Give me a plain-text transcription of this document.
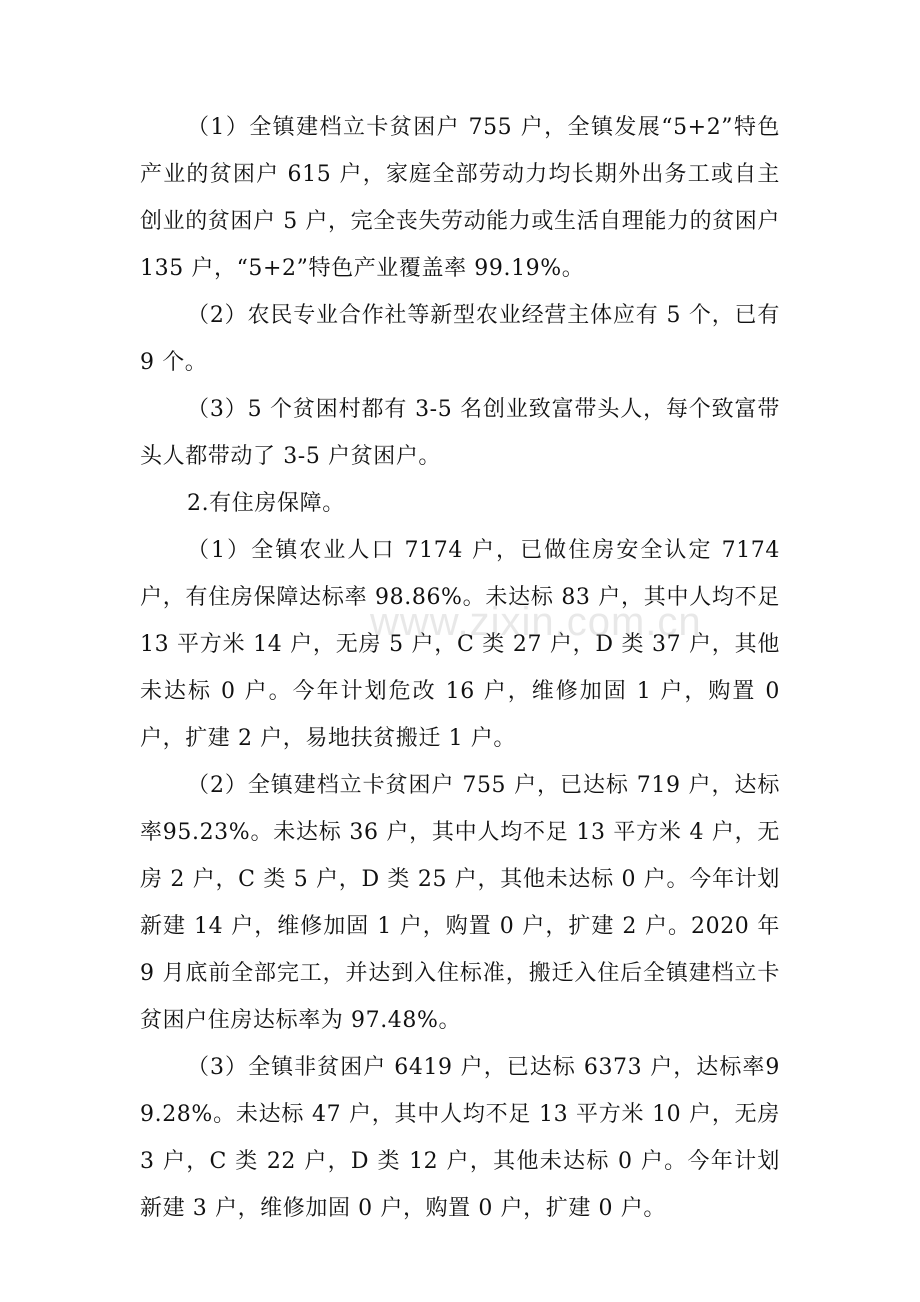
（1）全镇建档立卡贫困户 755 户，全镇发展“5+2”特色产业的贫困户 615 户，家庭全部劳动力均长期外出务工或自主创业的贫困户 5 户，完全丧失劳动能力或生活自理能力的贫困户 135 户，“5+2”特色产业覆盖率 99.19%。

（2）农民专业合作社等新型农业经营主体应有 5 个，已有 9 个。

（3）5 个贫困村都有 3-5 名创业致富带头人，每个致富带头人都带动了 3-5 户贫困户。

2.有住房保障。

（1）全镇农业人口 7174 户，已做住房安全认定 7174 户，有住房保障达标率 98.86%。未达标 83 户，其中人均不足 13 平方米 14 户，无房 5 户，C 类 27 户，D 类 37 户，其他未达标 0 户。今年计划危改 16 户，维修加固 1 户，购置 0 户，扩建 2 户，易地扶贫搬迁 1 户。

（2）全镇建档立卡贫困户 755 户，已达标 719 户，达标率95.23%。未达标 36 户，其中人均不足 13 平方米 4 户，无房 2 户，C 类 5 户，D 类 25 户，其他未达标 0 户。今年计划新建 14 户，维修加固 1 户，购置 0 户，扩建 2 户。2020 年 9 月底前全部完工，并达到入住标准，搬迁入住后全镇建档立卡贫困户住房达标率为 97.48%。

（3）全镇非贫困户 6419 户，已达标 6373 户，达标率99.28%。未达标 47 户，其中人均不足 13 平方米 10 户，无房 3 户，C 类 22 户，D 类 12 户，其他未达标 0 户。今年计划新建 3 户，维修加固 0 户，购置 0 户，扩建 0 户。

www.zixin.com.cn
